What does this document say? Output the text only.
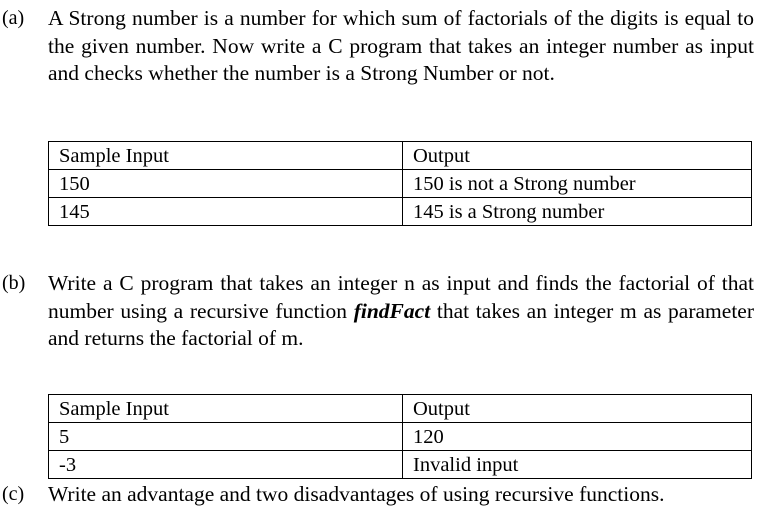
(a) A Strong number is a number for which sum of factorials of the digits is equal to the given number. Now write a C program that takes an integer number as input and checks whether the number is a Strong Number or not.

Sample Input	Output
150	150 is not a Strong number
145	145 is a Strong number
(b) Write a C program that takes an integer n as input and finds the factorial of that number using a recursive function findFact that takes an integer m as parameter and returns the factorial of m.

Sample Input	Output
5	120
-3	Invalid input
(c) Write an advantage and two disadvantages of using recursive functions.
